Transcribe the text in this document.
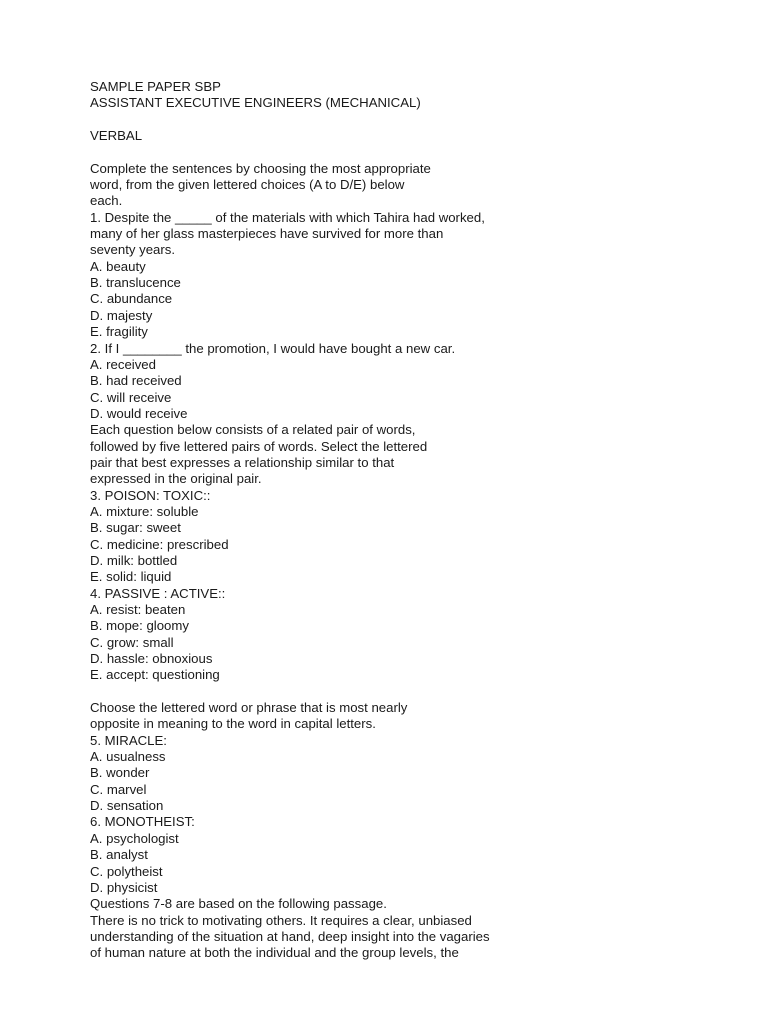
SAMPLE PAPER SBP
ASSISTANT EXECUTIVE ENGINEERS (MECHANICAL)
VERBAL
Complete the sentences by choosing the most appropriate
word, from the given lettered choices (A to D/E) below
each.
1. Despite the _____ of the materials with which Tahira had worked,
many of her glass masterpieces have survived for more than
seventy years.
A. beauty
B. translucence
C. abundance
D. majesty
E. fragility
2. If I ________ the promotion, I would have bought a new car.
A. received
B. had received
C. will receive
D. would receive
Each question below consists of a related pair of words,
followed by five lettered pairs of words. Select the lettered
pair that best expresses a relationship similar to that
expressed in the original pair.
3. POISON: TOXIC::
A. mixture: soluble
B. sugar: sweet
C. medicine: prescribed
D. milk: bottled
E. solid: liquid
4. PASSIVE : ACTIVE::
A. resist: beaten
B. mope: gloomy
C. grow: small
D. hassle: obnoxious
E. accept: questioning
Choose the lettered word or phrase that is most nearly
opposite in meaning to the word in capital letters.
5. MIRACLE:
A. usualness
B. wonder
C. marvel
D. sensation
6. MONOTHEIST:
A. psychologist
B. analyst
C. polytheist
D. physicist
Questions 7-8 are based on the following passage.
There is no trick to motivating others. It requires a clear, unbiased
understanding of the situation at hand, deep insight into the vagaries
of human nature at both the individual and the group levels, the
